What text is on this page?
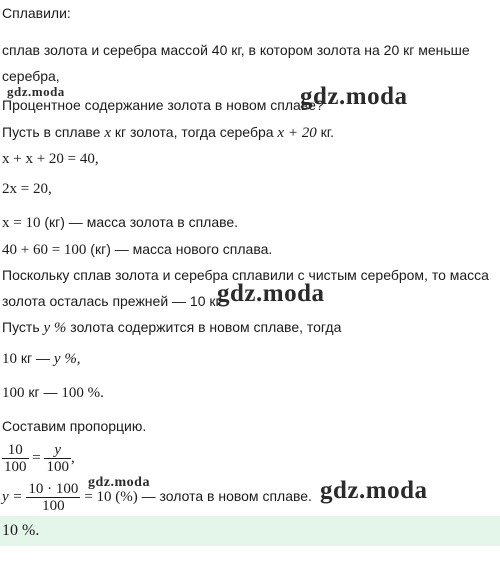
Сплавили:
сплав золота и серебра массой 40 кг, в котором золота на 20 кг меньше
серебра,
Процентное содержание золота в новом сплаве?
Пусть в сплаве x кг золота, тогда серебра x + 20 кг.
x + x + 20 = 40,
2x = 20,
x = 10 (кг) — масса золота в сплаве.
40 + 60 = 100 (кг) — масса нового сплава.
Поскольку сплав золота и серебра сплавили с чистым серебром, то масса
золота осталась прежней — 10 кг.
Пусть y % золота содержится в новом сплаве, тогда
10 кг — y %,
100 кг — 100 %.
Составим пропорцию.
$\frac{10}{100} = \frac{y}{100}$ ,
$y = \frac{10 \cdot 100}{100} = 10$ (%) — золота в новом сплаве.
10 %.
gdz.moda
gdz.moda
gdz.moda
gdz.moda	gdz.moda
